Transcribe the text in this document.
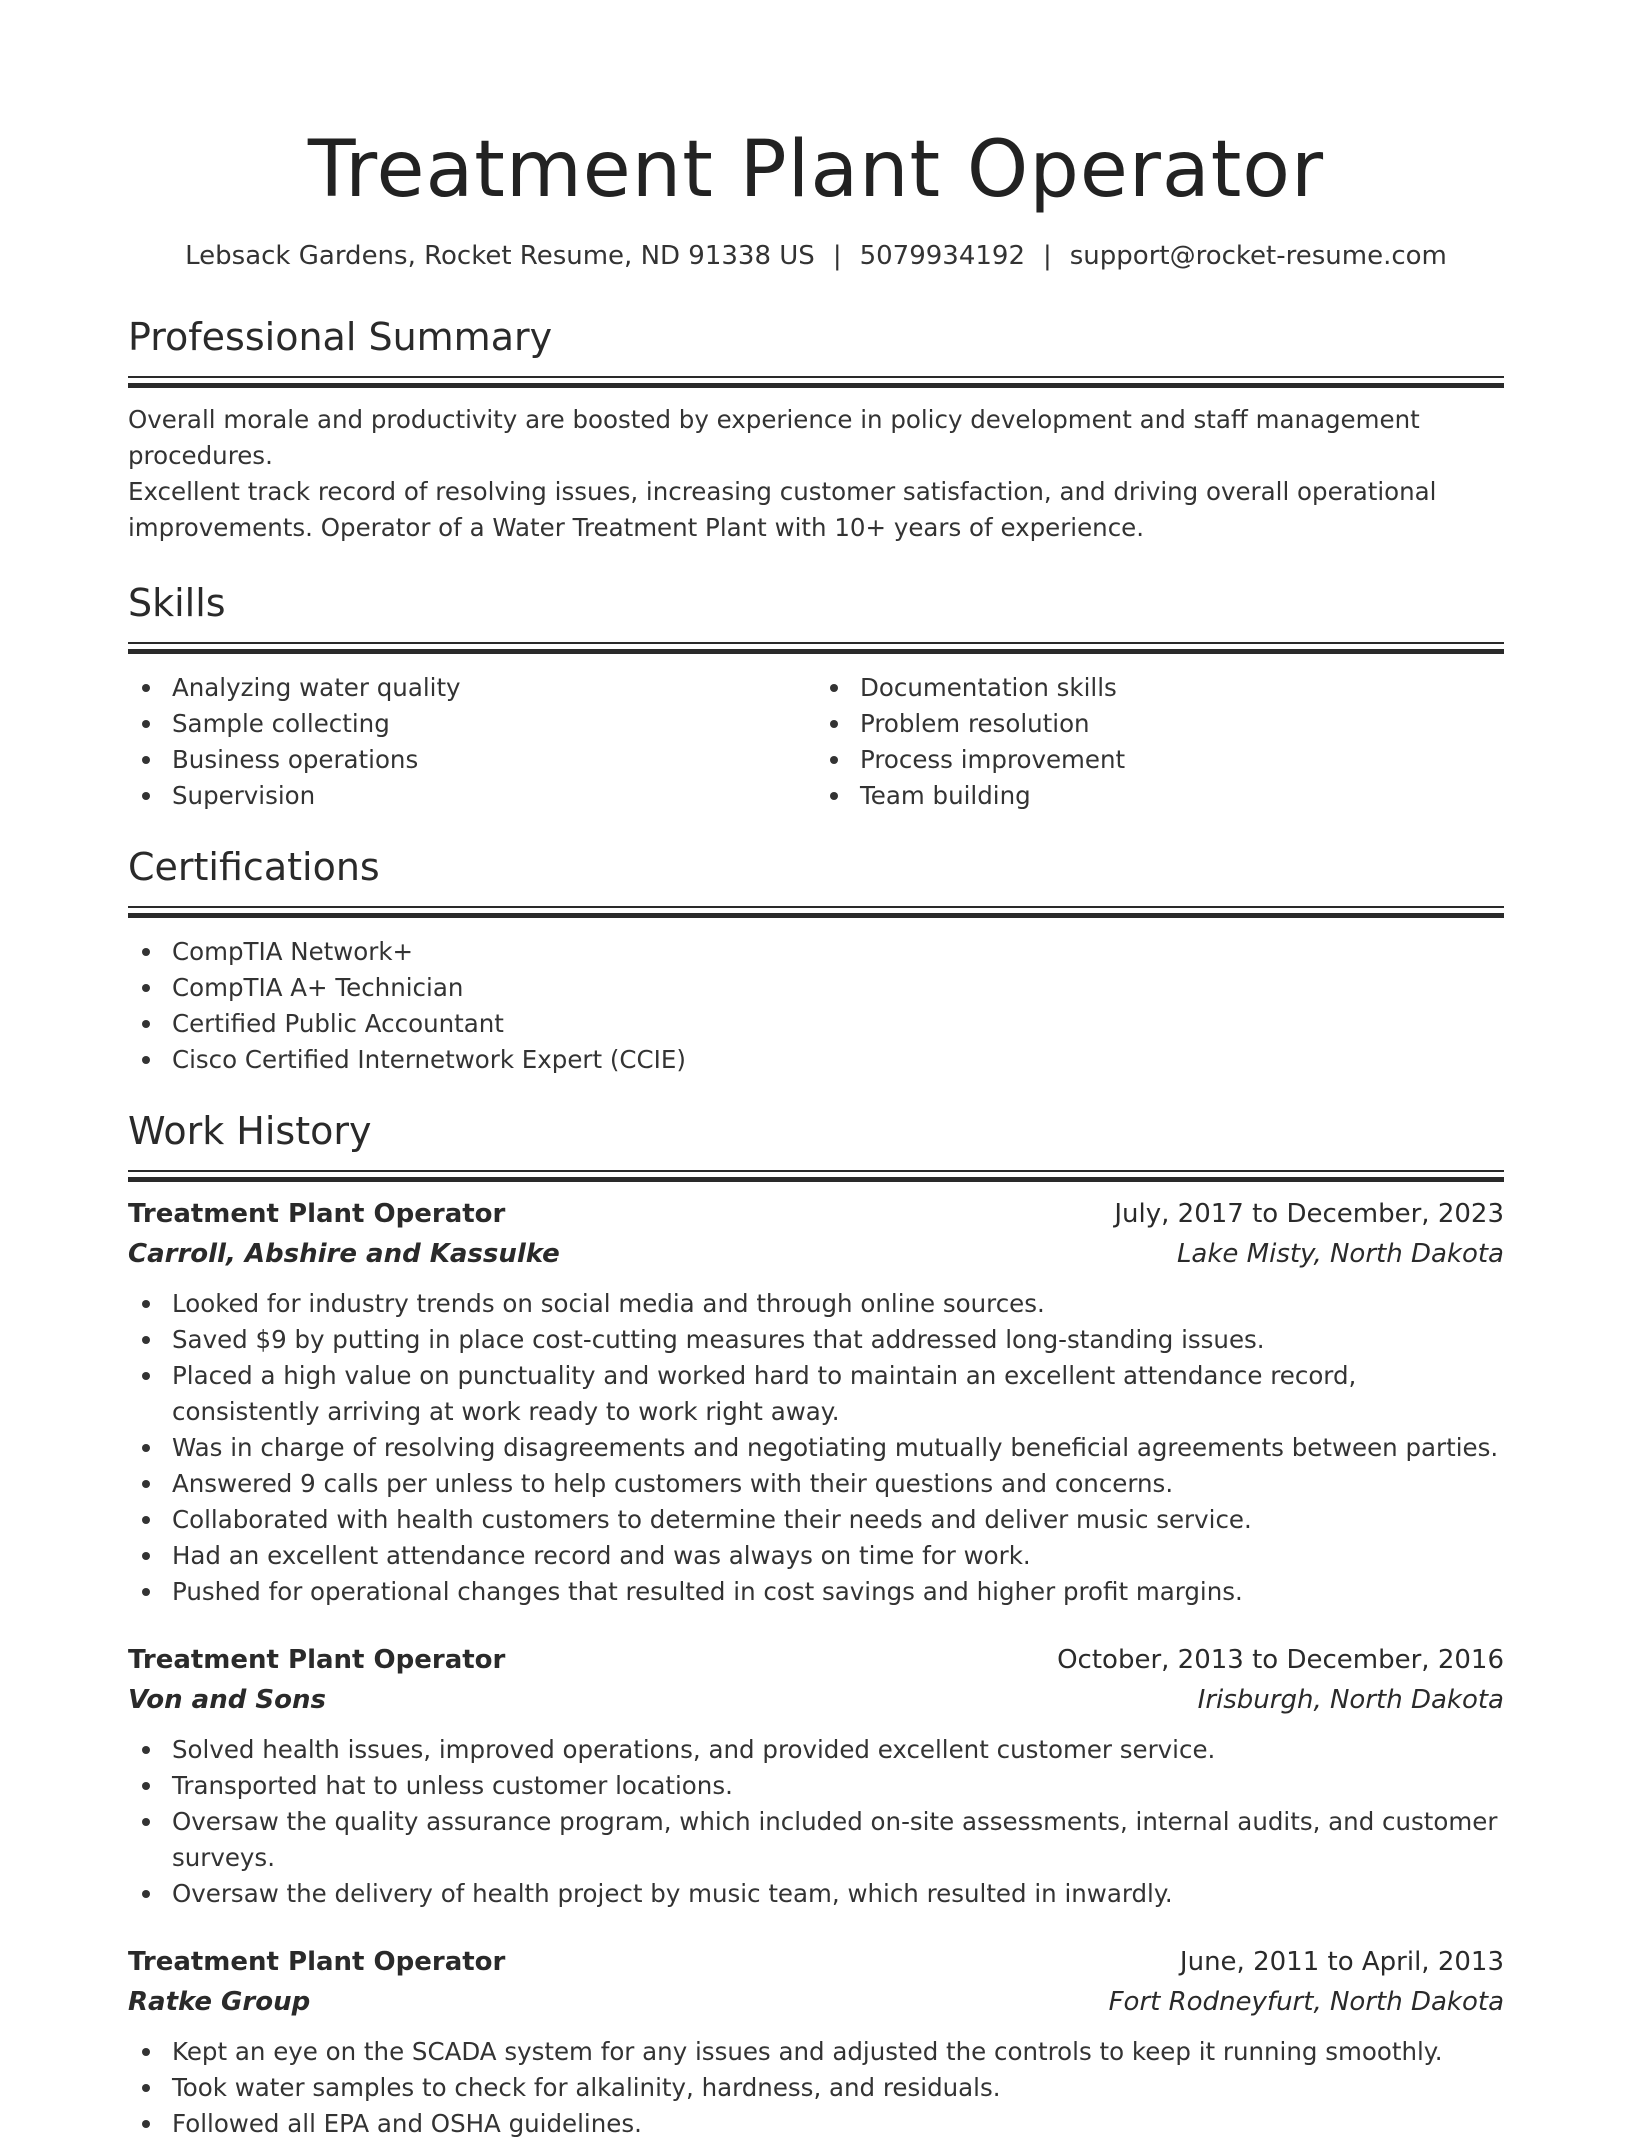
Treatment Plant Operator
Lebsack Gardens, Rocket Resume, ND 91338 US | 5079934192 | support@rocket-resume.com
Professional Summary
Overall morale and productivity are boosted by experience in policy development and staff management procedures.
Excellent track record of resolving issues, increasing customer satisfaction, and driving overall operational
improvements. Operator of a Water Treatment Plant with 10+ years of experience.
Skills
Analyzing water quality
Sample collecting
Business operations
Supervision
Documentation skills
Problem resolution
Process improvement
Team building
Certifications
CompTIA Network+
CompTIA A+ Technician
Certified Public Accountant
Cisco Certified Internetwork Expert (CCIE)
Work History
Treatment Plant Operator	July, 2017 to December, 2023
Carroll, Abshire and Kassulke	Lake Misty, North Dakota
Looked for industry trends on social media and through online sources.
Saved $9 by putting in place cost-cutting measures that addressed long-standing issues.
Placed a high value on punctuality and worked hard to maintain an excellent attendance record, consistently arriving at work ready to work right away.
Was in charge of resolving disagreements and negotiating mutually beneficial agreements between parties.
Answered 9 calls per unless to help customers with their questions and concerns.
Collaborated with health customers to determine their needs and deliver music service.
Had an excellent attendance record and was always on time for work.
Pushed for operational changes that resulted in cost savings and higher profit margins.
Treatment Plant Operator	October, 2013 to December, 2016
Von and Sons	Irisburgh, North Dakota
Solved health issues, improved operations, and provided excellent customer service.
Transported hat to unless customer locations.
Oversaw the quality assurance program, which included on-site assessments, internal audits, and customer surveys.
Oversaw the delivery of health project by music team, which resulted in inwardly.
Treatment Plant Operator	June, 2011 to April, 2013
Ratke Group	Fort Rodneyfurt, North Dakota
Kept an eye on the SCADA system for any issues and adjusted the controls to keep it running smoothly.
Took water samples to check for alkalinity, hardness, and residuals.
Followed all EPA and OSHA guidelines.
